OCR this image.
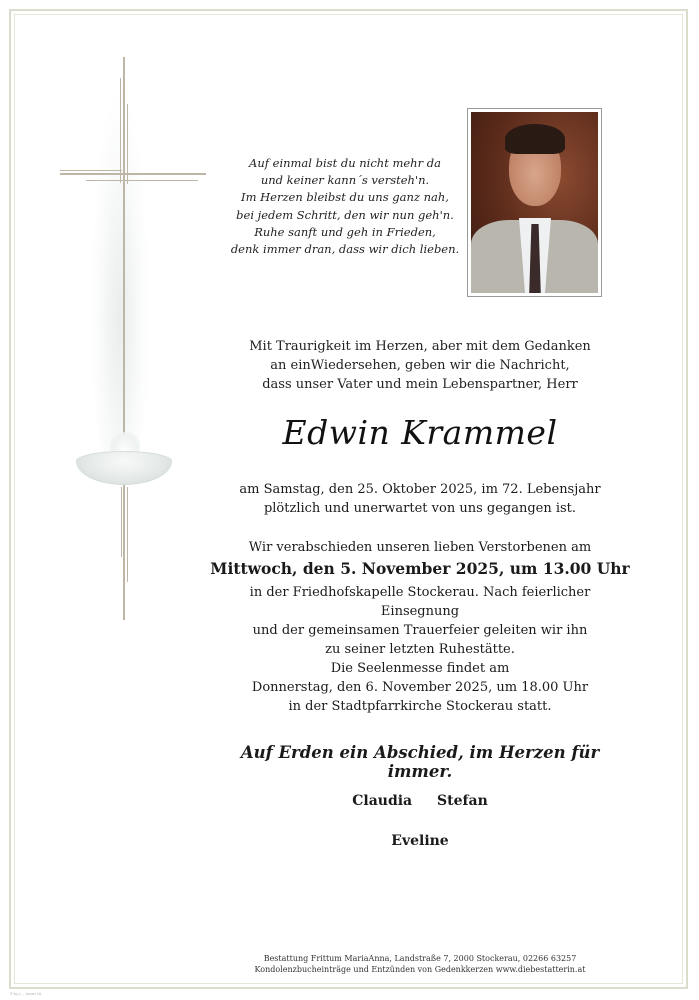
Auf einmal bist du nicht mehr da
und keiner kann´s versteh'n.
Im Herzen bleibst du uns ganz nah,
bei jedem Schritt, den wir nun geh'n.
Ruhe sanft und geh in Frieden,
denk immer dran, dass wir dich lieben.
Mit Traurigkeit im Herzen, aber mit dem Gedanken
an einWiedersehen, geben wir die Nachricht,
dass unser Vater und mein Lebenspartner, Herr
Edwin Krammel
am Samstag, den 25. Oktober 2025, im 72. Lebensjahr
plötzlich und unerwartet von uns gegangen ist.
Wir verabschieden unseren lieben Verstorbenen am
Mittwoch, den 5. November 2025, um 13.00 Uhr
in der Friedhofskapelle Stockerau. Nach feierlicher Einsegnung
und der gemeinsamen Trauerfeier geleiten wir ihn
zu seiner letzten Ruhestätte.
Die Seelenmesse findet am
Donnerstag, den 6. November 2025, um 18.00 Uhr
in der Stadtpfarrkirche Stockerau statt.
Auf Erden ein Abschied, im Herzen für immer.
Claudia Stefan
Eveline
Bestattung Frittum MariaAnna, Landstraße 7, 2000 Stockerau, 02266 63257
Kondolenzbucheinträge und Entzünden von Gedenkkerzen www.diebestatterin.at
© by L - Jovan 16
